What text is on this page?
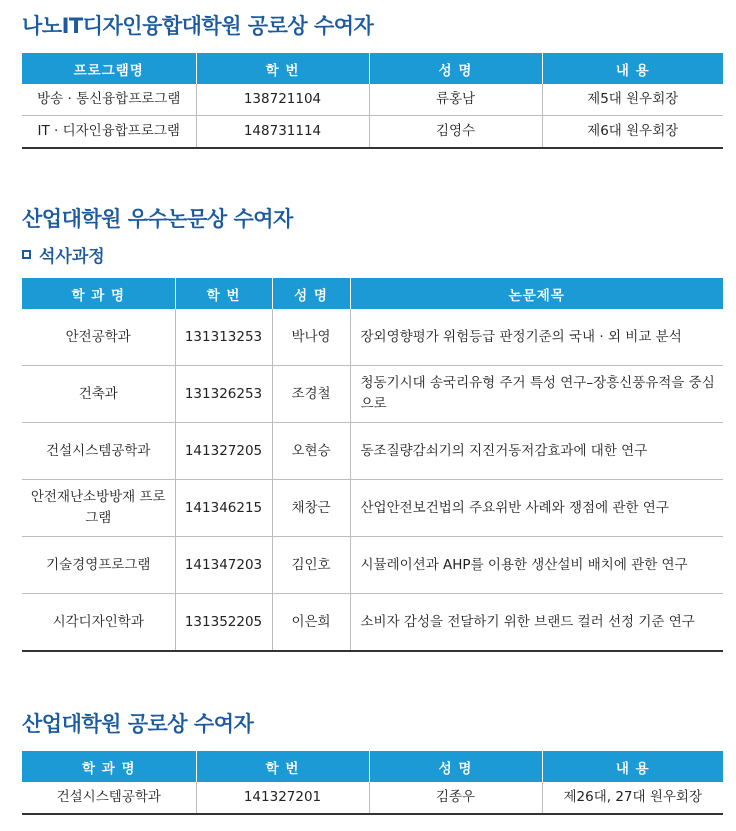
나노IT디자인융합대학원 공로상 수여자
프로그램명	학 번	성 명	내 용
방송 · 통신융합프로그램	138721104	류홍남	제5대 원우회장
IT · 디자인융합프로그램	148731114	김영수	제6대 원우회장
산업대학원 우수논문상 수여자
석사과정
학 과 명	학 번	성 명	논문제목
안전공학과	131313253	박나영	장외영향평가 위험등급 판정기준의 국내 · 외 비교 분석
건축과	131326253	조경철	청동기시대 송국리유형 주거 특성 연구–장흥신풍유적을 중심으로
건설시스템공학과	141327205	오현승	동조질량감쇠기의 지진거동저감효과에 대한 연구
안전재난소방방재 프로그램	141346215	채창근	산업안전보건법의 주요위반 사례와 쟁점에 관한 연구
기술경영프로그램	141347203	김인호	시뮬레이션과 AHP를 이용한 생산설비 배치에 관한 연구
시각디자인학과	131352205	이은희	소비자 감성을 전달하기 위한 브랜드 컬러 선정 기준 연구
산업대학원 공로상 수여자
학 과 명	학 번	성 명	내 용
건설시스템공학과	141327201	김종우	제26대, 27대 원우회장
